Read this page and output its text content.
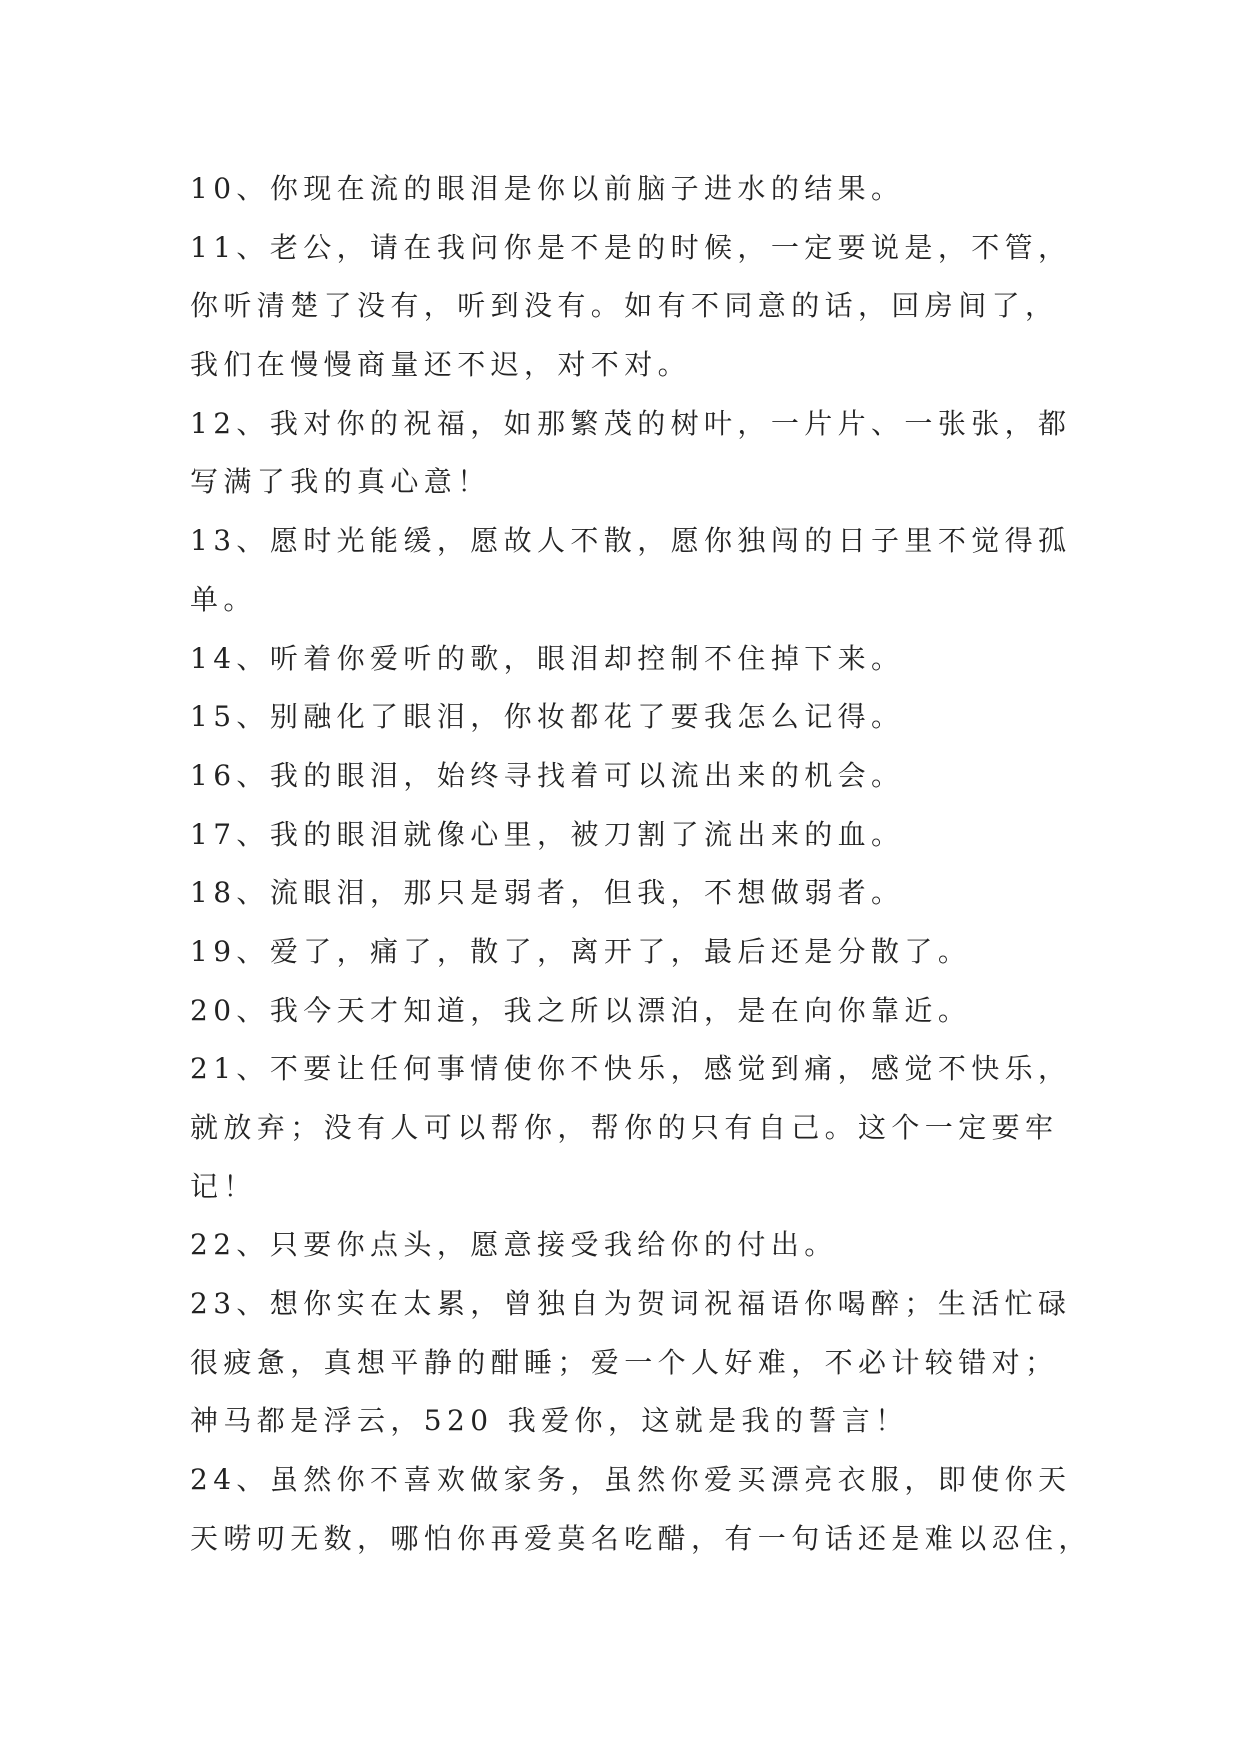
10、你现在流的眼泪是你以前脑子进水的结果。
11、老公，请在我问你是不是的时候，一定要说是，不管，
你听清楚了没有，听到没有。如有不同意的话，回房间了，
我们在慢慢商量还不迟，对不对。
12、我对你的祝福，如那繁茂的树叶，一片片、一张张，都
写满了我的真心意！
13、愿时光能缓，愿故人不散，愿你独闯的日子里不觉得孤
单。
14、听着你爱听的歌，眼泪却控制不住掉下来。
15、别融化了眼泪，你妆都花了要我怎么记得。
16、我的眼泪，始终寻找着可以流出来的机会。
17、我的眼泪就像心里，被刀割了流出来的血。
18、流眼泪，那只是弱者，但我，不想做弱者。
19、爱了，痛了，散了，离开了，最后还是分散了。
20、我今天才知道，我之所以漂泊，是在向你靠近。
21、不要让任何事情使你不快乐，感觉到痛，感觉不快乐，
就放弃；没有人可以帮你，帮你的只有自己。这个一定要牢
记！
22、只要你点头，愿意接受我给你的付出。
23、想你实在太累，曾独自为贺词祝福语你喝醉；生活忙碌
很疲惫，真想平静的酣睡；爱一个人好难，不必计较错对；
神马都是浮云，520 我爱你，这就是我的誓言！
24、虽然你不喜欢做家务，虽然你爱买漂亮衣服，即使你天
天唠叨无数，哪怕你再爱莫名吃醋，有一句话还是难以忍住，
